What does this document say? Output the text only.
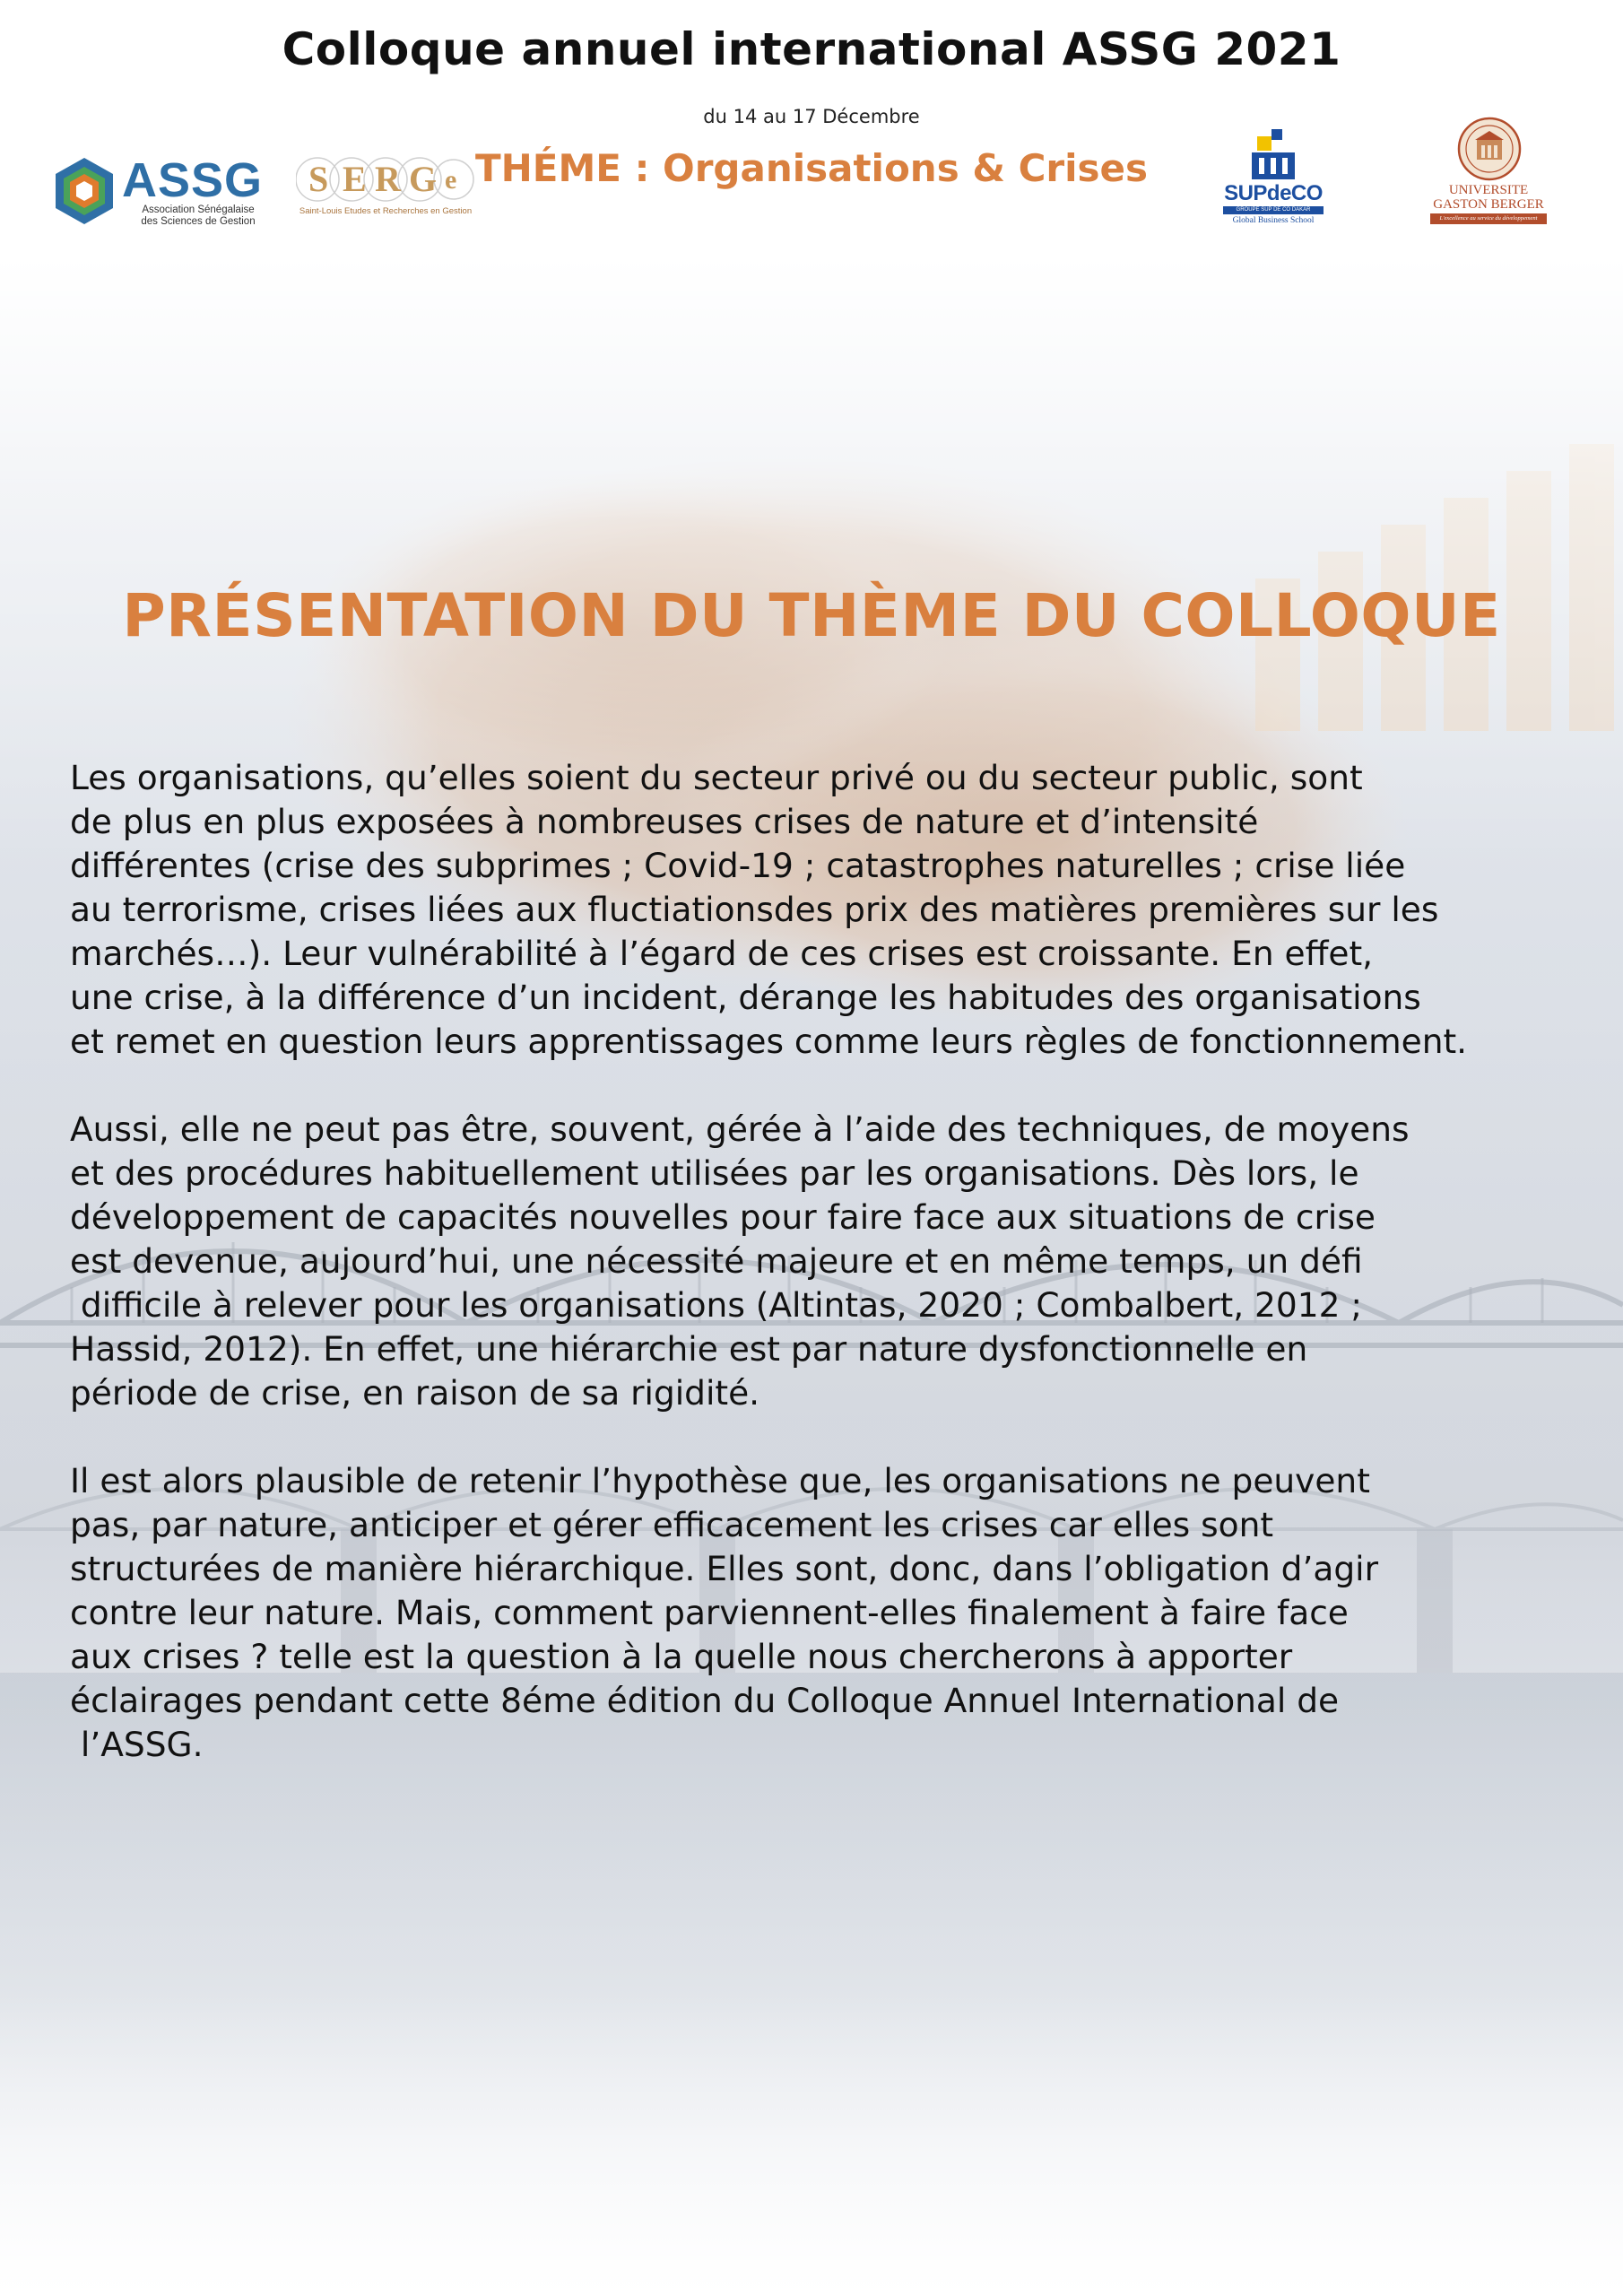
Colloque annuel international ASSG 2021
du 14 au 17 Décembre
THÉME : Organisations & Crises
ASSG
Association Sénégalaise
des Sciences de Gestion
S E R G e
Saint-Louis Etudes et Recherches en Gestion
SUPdeCO
GROUPE SUP DE CO DAKAR
Global Business School
UNIVERSITE
GASTON BERGER
L'excellence au service du développement
PRÉSENTATION DU THÈME DU COLLOQUE
Les organisations, qu’elles soient du secteur privé ou du secteur public, sont
de plus en plus exposées à nombreuses crises de nature et d’intensité
différentes (crise des subprimes ; Covid-19 ; catastrophes naturelles ; crise liée
au terrorisme, crises liées aux fluctiationsdes prix des matières premières sur les
marchés…). Leur vulnérabilité à l’égard de ces crises est croissante. En effet,
une crise, à la différence d’un incident, dérange les habitudes des organisations
et remet en question leurs apprentissages comme leurs règles de fonctionnement.
Aussi, elle ne peut pas être, souvent, gérée à l’aide des techniques, de moyens
et des procédures habituellement utilisées par les organisations. Dès lors, le
développement de capacités nouvelles pour faire face aux situations de crise
est devenue, aujourd’hui, une nécessité majeure et en même temps, un défi
difficile à relever pour les organisations (Altintas, 2020 ; Combalbert, 2012 ;
Hassid, 2012). En effet, une hiérarchie est par nature dysfonctionnelle en
période de crise, en raison de sa rigidité.
Il est alors plausible de retenir l’hypothèse que, les organisations ne peuvent
pas, par nature, anticiper et gérer efficacement les crises car elles sont
structurées de manière hiérarchique. Elles sont, donc, dans l’obligation d’agir
contre leur nature. Mais, comment parviennent-elles finalement à faire face
aux crises ? telle est la question à la quelle nous chercherons à apporter
éclairages pendant cette 8éme édition du Colloque Annuel International de
l’ASSG.
